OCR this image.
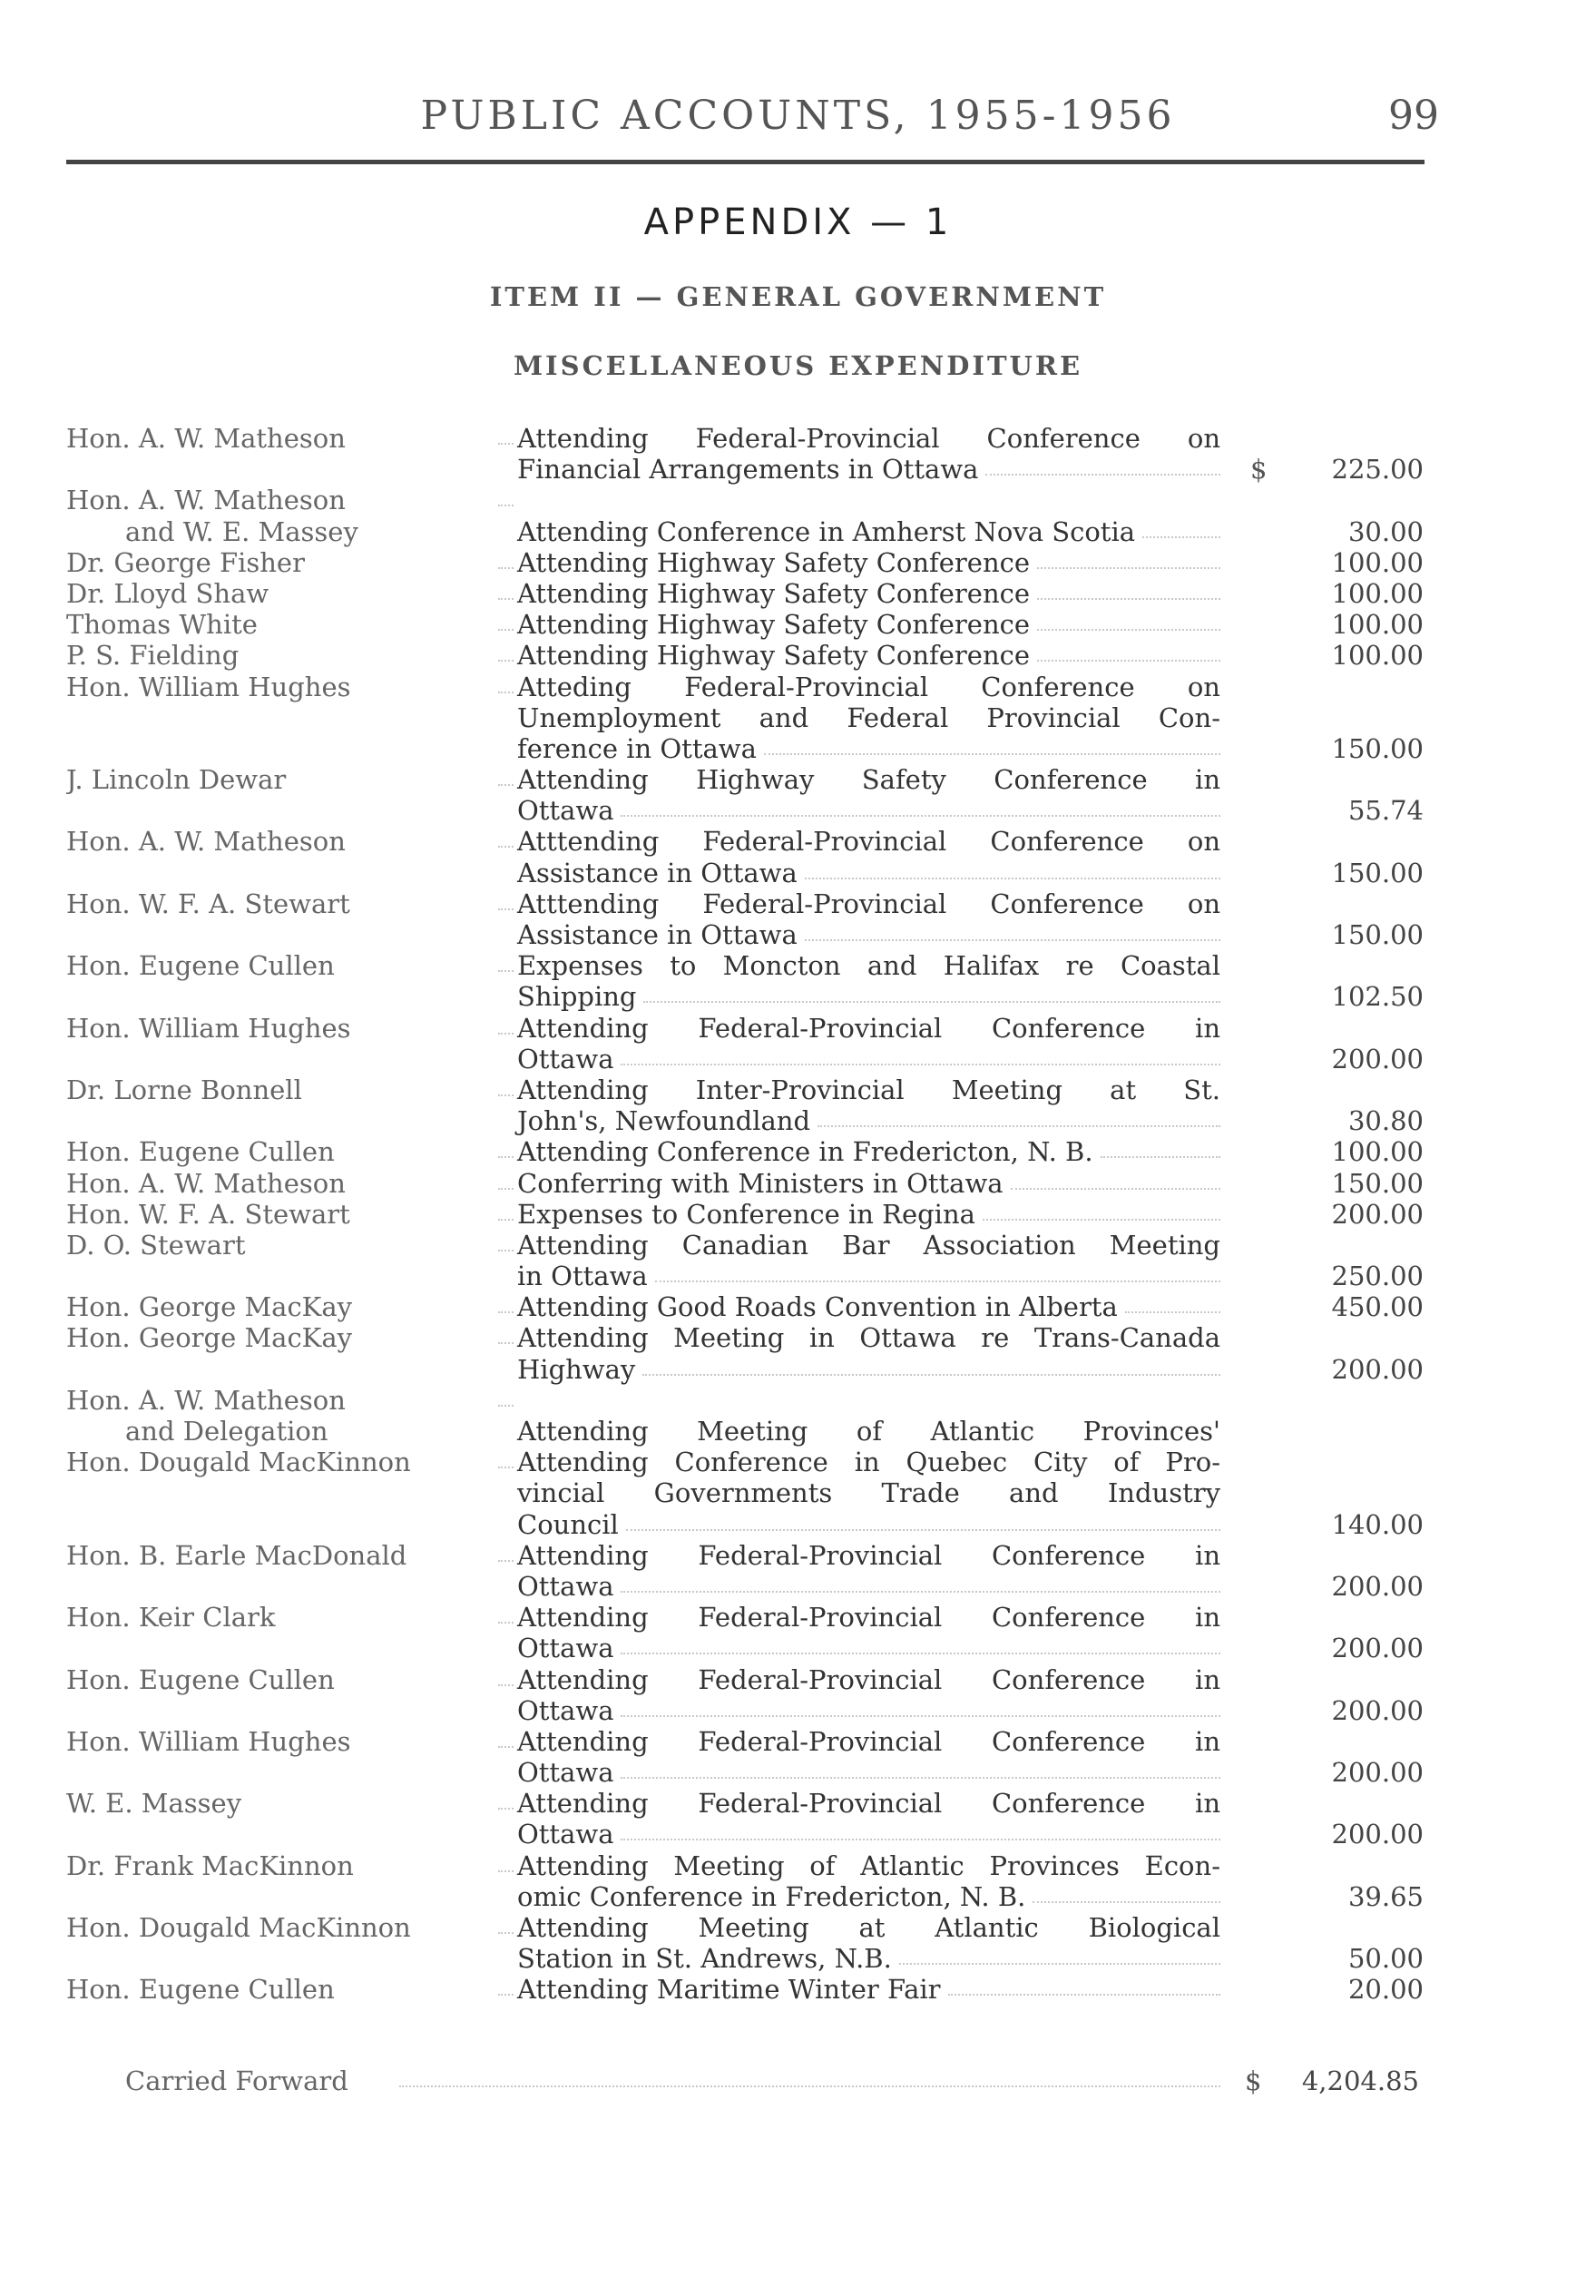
PUBLIC ACCOUNTS, 1955-1956	99
APPENDIX — 1
ITEM II — GENERAL GOVERNMENT
MISCELLANEOUS EXPENDITURE
Hon. A. W. Matheson	Attending Federal-Provincial Conference on
Financial Arrangements in Ottawa	$ 225.00
Hon. A. W. Matheson
and W. E. Massey	Attending Conference in Amherst Nova Scotia	30.00
Dr. George Fisher	Attending Highway Safety Conference	100.00
Dr. Lloyd Shaw	Attending Highway Safety Conference	100.00
Thomas White	Attending Highway Safety Conference	100.00
P. S. Fielding	Attending Highway Safety Conference	100.00
Hon. William Hughes	Atteding Federal-Provincial Conference on
Unemployment and Federal Provincial Con-
ference in Ottawa	150.00
J. Lincoln Dewar	Attending Highway Safety Conference in
Ottawa	55.74
Hon. A. W. Matheson	Atttending Federal-Provincial Conference on
Assistance in Ottawa	150.00
Hon. W. F. A. Stewart	Atttending Federal-Provincial Conference on
Assistance in Ottawa	150.00
Hon. Eugene Cullen	Expenses to Moncton and Halifax re Coastal
Shipping	102.50
Hon. William Hughes	Attending Federal-Provincial Conference in
Ottawa	200.00
Dr. Lorne Bonnell	Attending Inter-Provincial Meeting at St.
John's, Newfoundland	30.80
Hon. Eugene Cullen	Attending Conference in Fredericton, N. B.	100.00
Hon. A. W. Matheson	Conferring with Ministers in Ottawa	150.00
Hon. W. F. A. Stewart	Expenses to Conference in Regina	200.00
D. O. Stewart	Attending Canadian Bar Association Meeting
in Ottawa	250.00
Hon. George MacKay	Attending Good Roads Convention in Alberta	450.00
Hon. George MacKay	Attending Meeting in Ottawa re Trans-Canada
Highway	200.00
Hon. A. W. Matheson
and Delegation	Attending Meeting of Atlantic Provinces'
Hon. Dougald MacKinnon	Attending Conference in Quebec City of Pro-
vincial Governments Trade and Industry
Council	140.00
Hon. B. Earle MacDonald	Attending Federal-Provincial Conference in
Ottawa	200.00
Hon. Keir Clark	Attending Federal-Provincial Conference in
Ottawa	200.00
Hon. Eugene Cullen	Attending Federal-Provincial Conference in
Ottawa	200.00
Hon. William Hughes	Attending Federal-Provincial Conference in
Ottawa	200.00
W. E. Massey	Attending Federal-Provincial Conference in
Ottawa	200.00
Dr. Frank MacKinnon	Attending Meeting of Atlantic Provinces Econ-
omic Conference in Fredericton, N. B.	39.65
Hon. Dougald MacKinnon	Attending Meeting at Atlantic Biological
Station in St. Andrews, N.B.	50.00
Hon. Eugene Cullen	Attending Maritime Winter Fair	20.00
Carried Forward	$ 4,204.85
